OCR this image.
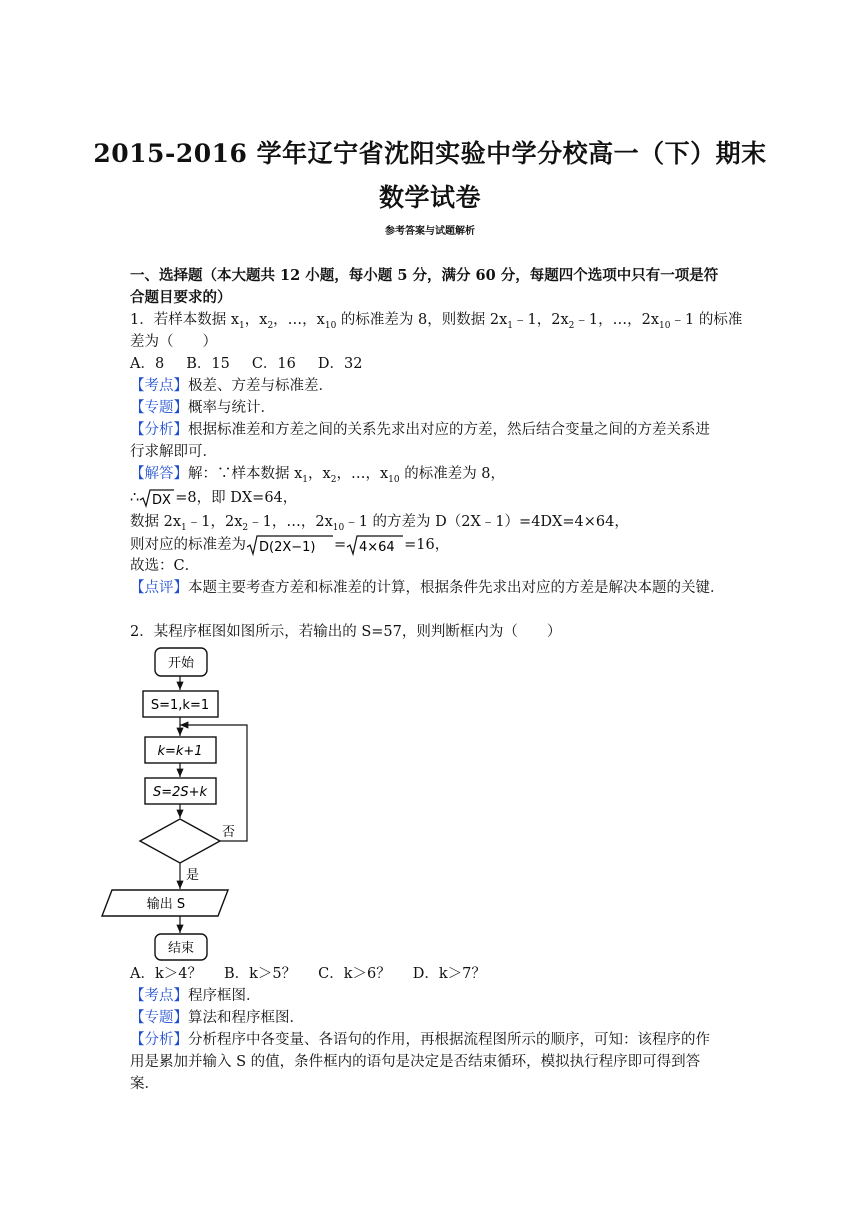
2015-2016 学年辽宁省沈阳实验中学分校高一（下）期末
数学试卷
参考答案与试题解析
一、选择题（本大题共 12 小题，每小题 5 分，满分 60 分，每题四个选项中只有一项是符
合题目要求的）
1．若样本数据 $x_1$，$x_2$，…，$x_{10}$ 的标准差为 8，则数据 $2x_1﹣1$，$2x_2﹣1$，…，$2x_{10}﹣1$ 的标准
差为（　　）
A．8 B．15 C．16 D．32
【考点】极差、方差与标准差．
【专题】概率与统计．
【分析】根据标准差和方差之间的关系先求出对应的方差，然后结合变量之间的方差关系进
行求解即可．
【解答】解：∵样本数据 $x_1$，$x_2$，…，$x_{10}$ 的标准差为 8，
∴ DX =8，即 DX=64，
数据 $2x_1﹣1$，$2x_2﹣1$，…，$2x_{10}﹣1$ 的方差为 D（2X﹣1）=4DX=4×64，
则对应的标准差为 D(2X−1) = 4×64 =16，
故选：C．
【点评】本题主要考查方差和标准差的计算，根据条件先求出对应的方差是解决本题的关键．
2．某程序框图如图所示，若输出的 S=57，则判断框内为（　　）
开始
S=1,k=1
k=k+1
S=2S+k
否
是
输出 S
结束
A．k＞4？ B．k＞5？ C．k＞6？ D．k＞7？
【考点】程序框图．
【专题】算法和程序框图．
【分析】分析程序中各变量、各语句的作用，再根据流程图所示的顺序，可知：该程序的作
用是累加并输入 S 的值，条件框内的语句是决定是否结束循环，模拟执行程序即可得到答
案．
